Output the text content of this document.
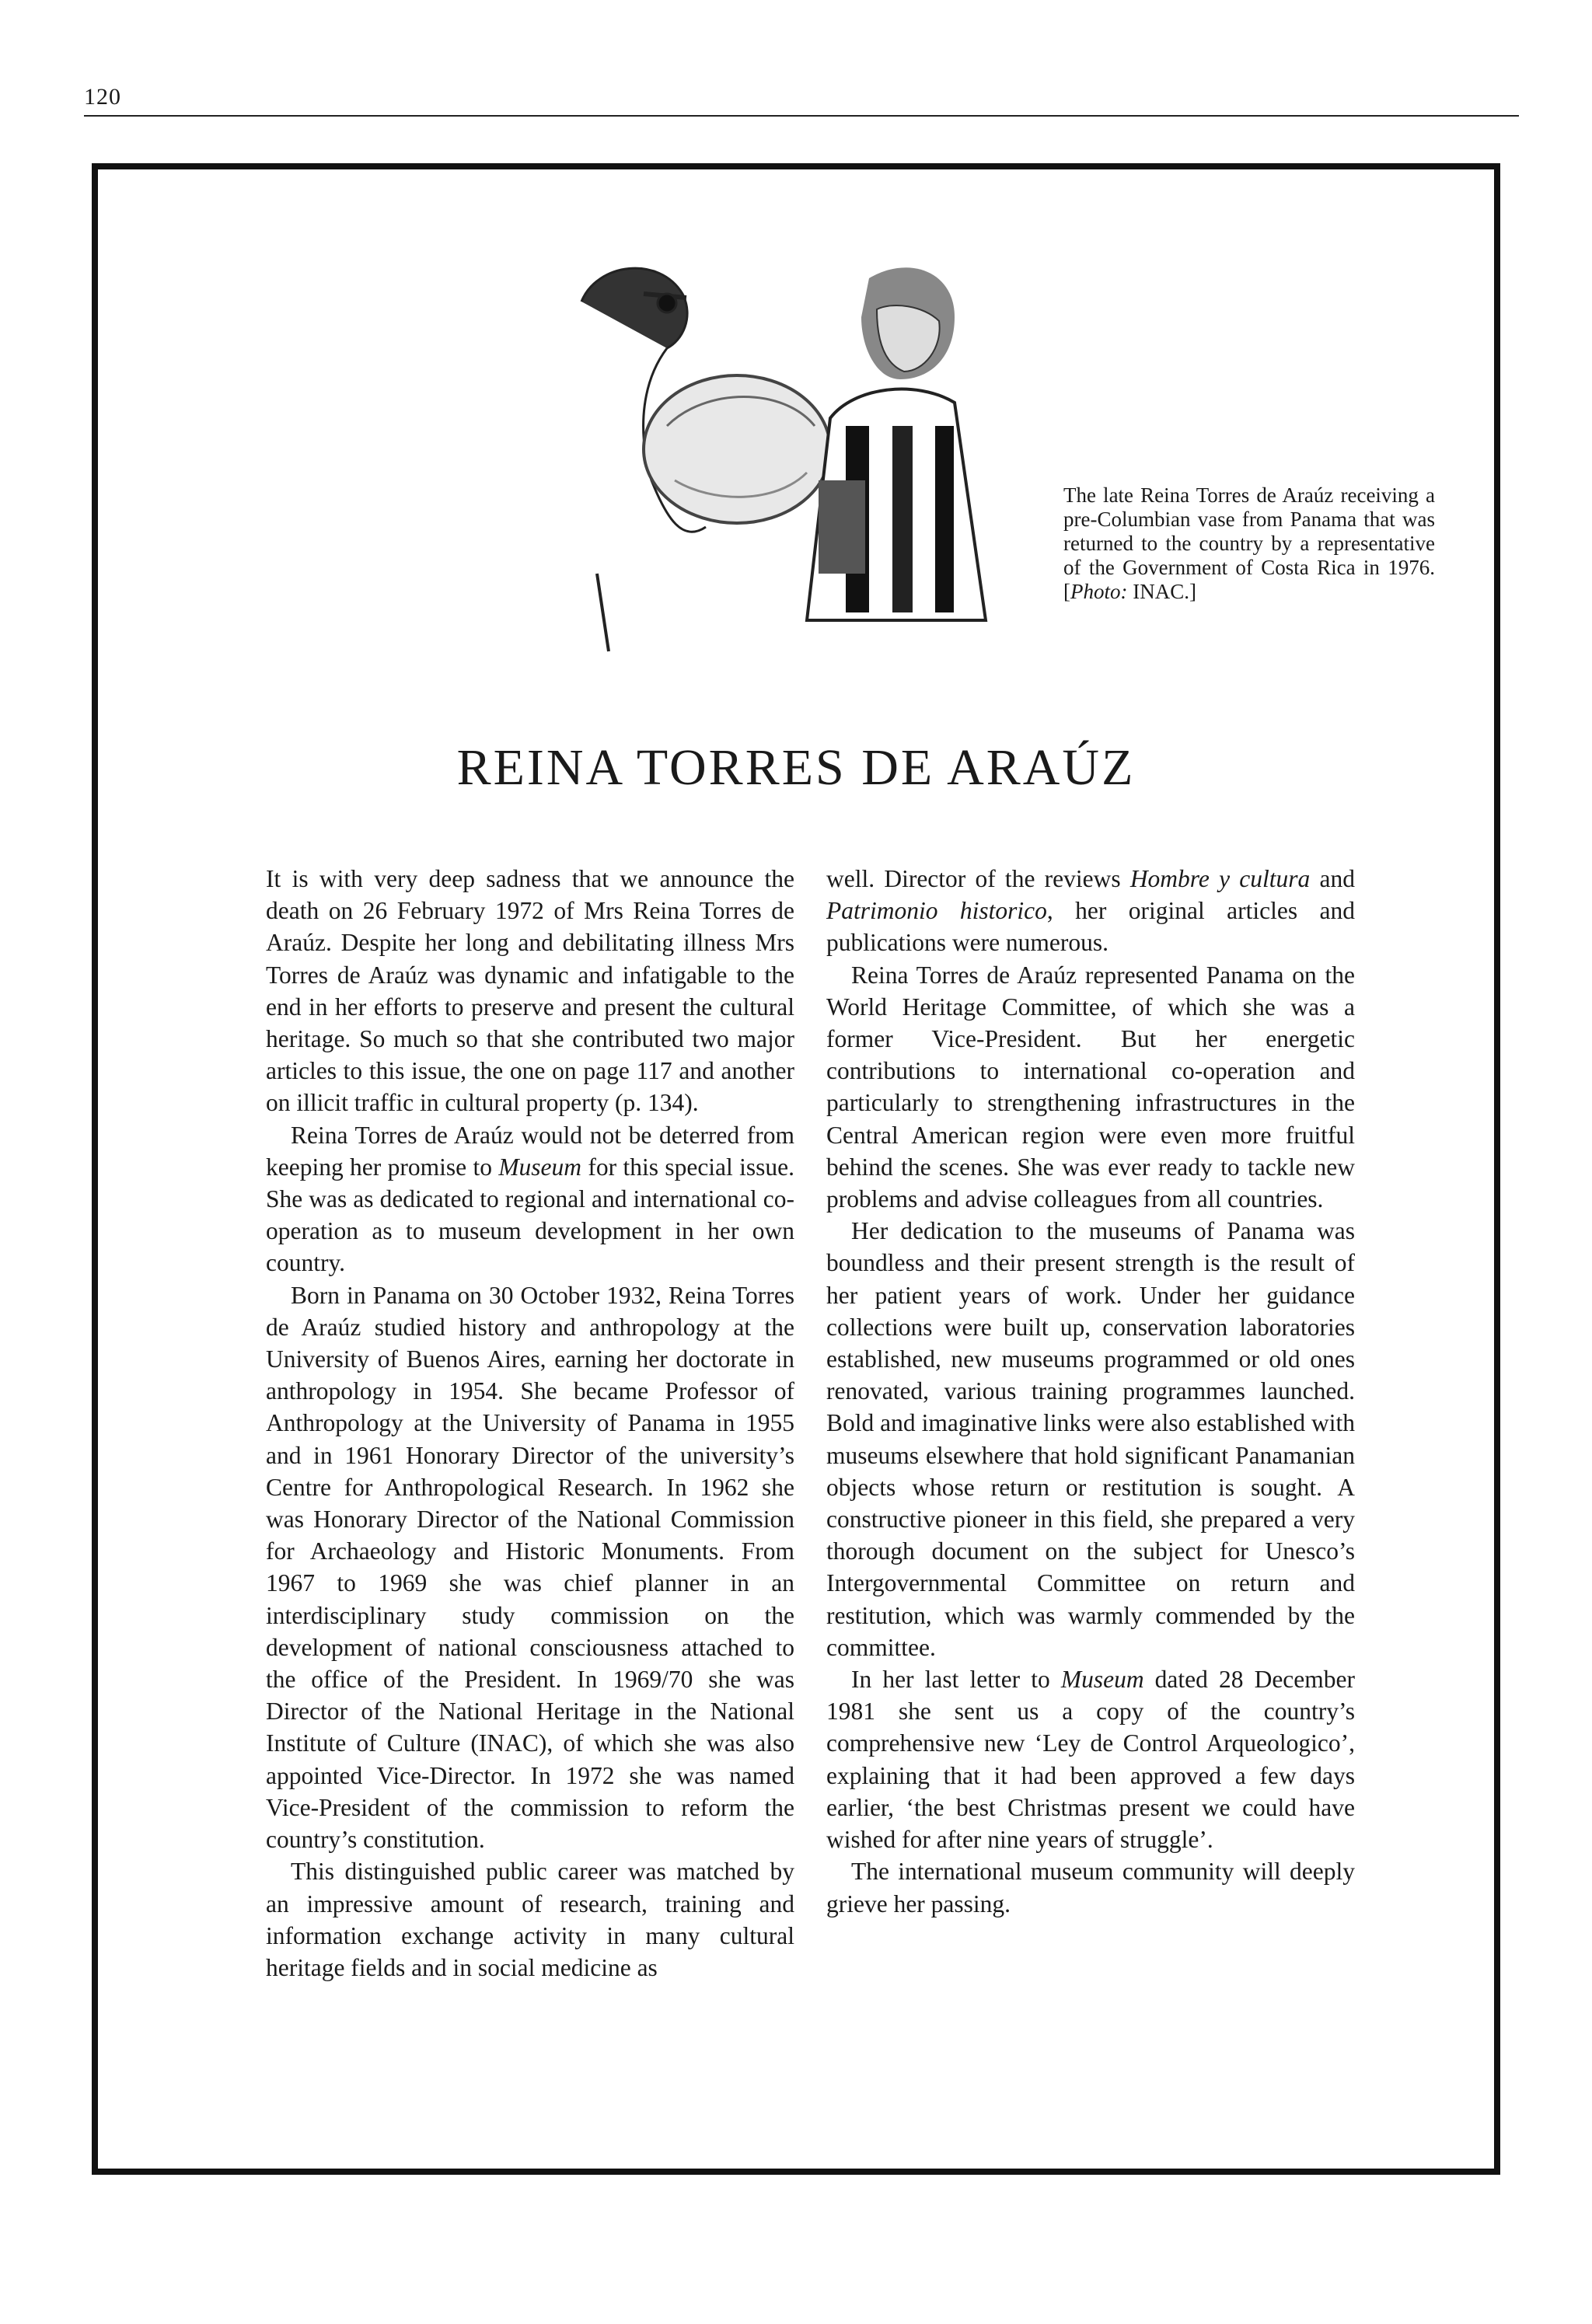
120
The late Reina Torres de Araúz receiving a pre-Columbian vase from Panama that was returned to the country by a representative of the Government of Costa Rica in 1976. [Photo: INAC.]
REINA TORRES DE ARAÚZ

It is with very deep sadness that we announce the death on 26 February 1972 of Mrs Reina Torres de Araúz. Despite her long and debilitating illness Mrs Torres de Araúz was dynamic and infatigable to the end in her efforts to preserve and present the cultural heritage. So much so that she contributed two major articles to this issue, the one on page 117 and another on illicit traffic in cultural property (p. 134).

Reina Torres de Araúz would not be deterred from keeping her promise to Museum for this special issue. She was as dedicated to regional and international co-operation as to museum development in her own country.

Born in Panama on 30 October 1932, Reina Torres de Araúz studied history and anthropology at the University of Buenos Aires, earning her doctorate in anthropology in 1954. She became Professor of Anthropology at the University of Panama in 1955 and in 1961 Honorary Director of the university’s Centre for Anthropological Research. In 1962 she was Honorary Director of the National Commission for Archaeology and Historic Monuments. From 1967 to 1969 she was chief planner in an interdisciplinary study commission on the development of national consciousness attached to the office of the President. In 1969/70 she was Director of the National Heritage in the National Institute of Culture (INAC), of which she was also appointed Vice-Director. In 1972 she was named Vice-President of the commission to reform the country’s constitution.

This distinguished public career was matched by an impressive amount of research, training and information exchange activity in many cultural heritage fields and in social medicine as

well. Director of the reviews Hombre y cultura and Patrimonio historico, her original articles and publications were numerous.

Reina Torres de Araúz represented Panama on the World Heritage Committee, of which she was a former Vice-President. But her energetic contributions to international co-operation and particularly to strengthening infrastructures in the Central American region were even more fruitful behind the scenes. She was ever ready to tackle new problems and advise colleagues from all countries.

Her dedication to the museums of Panama was boundless and their present strength is the result of her patient years of work. Under her guidance collections were built up, conservation laboratories established, new museums programmed or old ones renovated, various training programmes launched. Bold and imaginative links were also established with museums elsewhere that hold significant Panamanian objects whose return or restitution is sought. A constructive pioneer in this field, she prepared a very thorough document on the subject for Unesco’s Intergovernmental Committee on return and restitution, which was warmly commended by the committee.

In her last letter to Museum dated 28 December 1981 she sent us a copy of the country’s comprehensive new ‘Ley de Control Arqueologico’, explaining that it had been approved a few days earlier, ‘the best Christmas present we could have wished for after nine years of struggle’.

The international museum community will deeply grieve her passing.
